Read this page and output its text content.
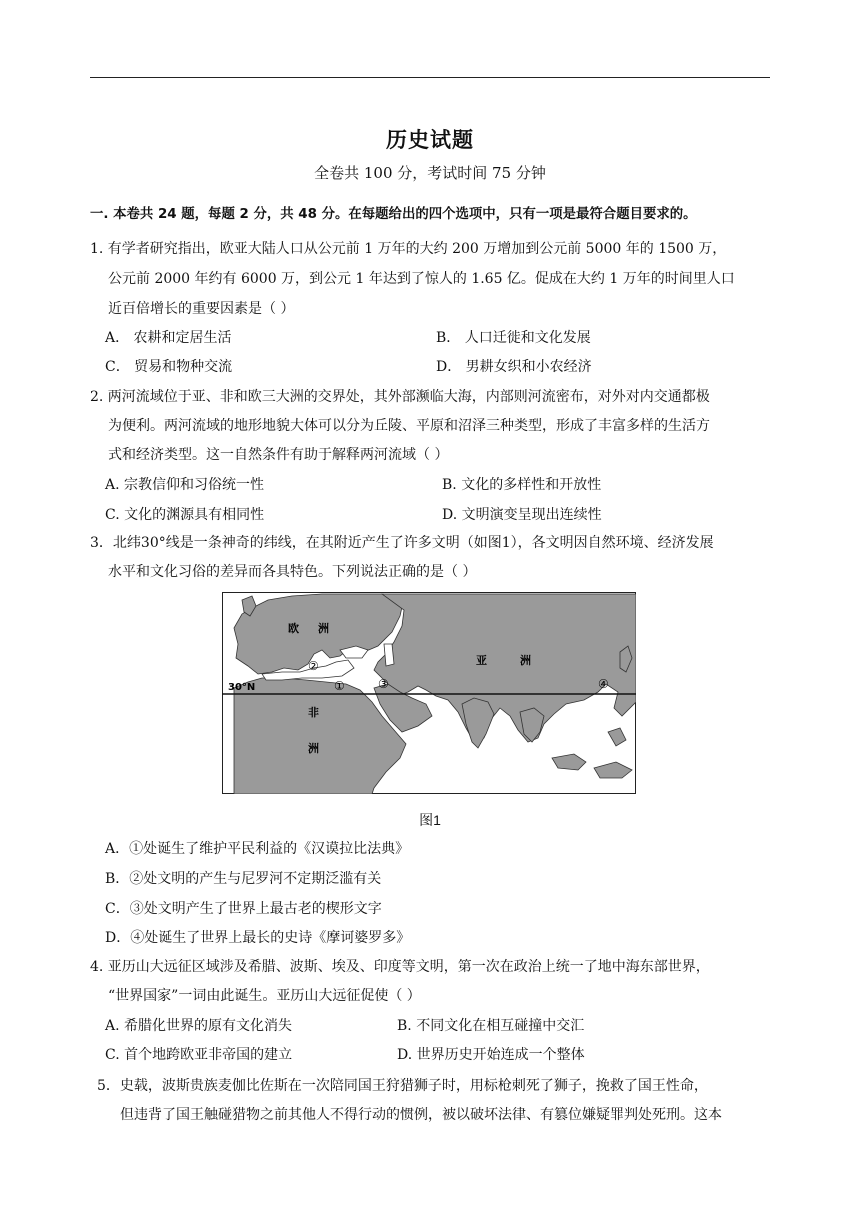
历史试题
全卷共 100 分，考试时间 75 分钟
一. 本卷共 24 题，每题 2 分，共 48 分。在每题给出的四个选项中，只有一项是最符合题目要求的。
1. 有学者研究指出，欧亚大陆人口从公元前 1 万年的大约 200 万增加到公元前 5000 年的 1500 万，
公元前 2000 年约有 6000 万，到公元 1 年达到了惊人的 1.65 亿。促成在大约 1 万年的时间里人口
近百倍增长的重要因素是（ ）
A． 农耕和定居生活	B． 人口迁徙和文化发展
C． 贸易和物种交流	D． 男耕女织和小农经济
2. 两河流域位于亚、非和欧三大洲的交界处，其外部濒临大海，内部则河流密布，对外对内交通都极
为便利。两河流域的地形地貌大体可以分为丘陵、平原和沼泽三种类型，形成了丰富多样的生活方
式和经济类型。这一自然条件有助于解释两河流域（ ）
A. 宗教信仰和习俗统一性	B. 文化的多样性和开放性
C. 文化的渊源具有相同性	D. 文明演变呈现出连续性
3．北纬30°线是一条神奇的纬线，在其附近产生了许多文明（如图1），各文明因自然环境、经济发展
水平和文化习俗的差异而各具特色。下列说法正确的是（ ）
欧 洲
亚	洲
非
洲
30°N	①
②
③	④
图1
A．①处诞生了维护平民利益的《汉谟拉比法典》
B．②处文明的产生与尼罗河不定期泛滥有关
C．③处文明产生了世界上最古老的楔形文字
D．④处诞生了世界上最长的史诗《摩诃婆罗多》
4. 亚历山大远征区域涉及希腊、波斯、埃及、印度等文明，第一次在政治上统一了地中海东部世界，
“世界国家”一词由此诞生。亚历山大远征促使（ ）
A. 希腊化世界的原有文化消失	B. 不同文化在相互碰撞中交汇
C. 首个地跨欧亚非帝国的建立	D. 世界历史开始连成一个整体
5．史载，波斯贵族麦伽比佐斯在一次陪同国王狩猎狮子时，用标枪刺死了狮子，挽救了国王性命，
但违背了国王触碰猎物之前其他人不得行动的惯例，被以破坏法律、有篡位嫌疑罪判处死刑。这本
